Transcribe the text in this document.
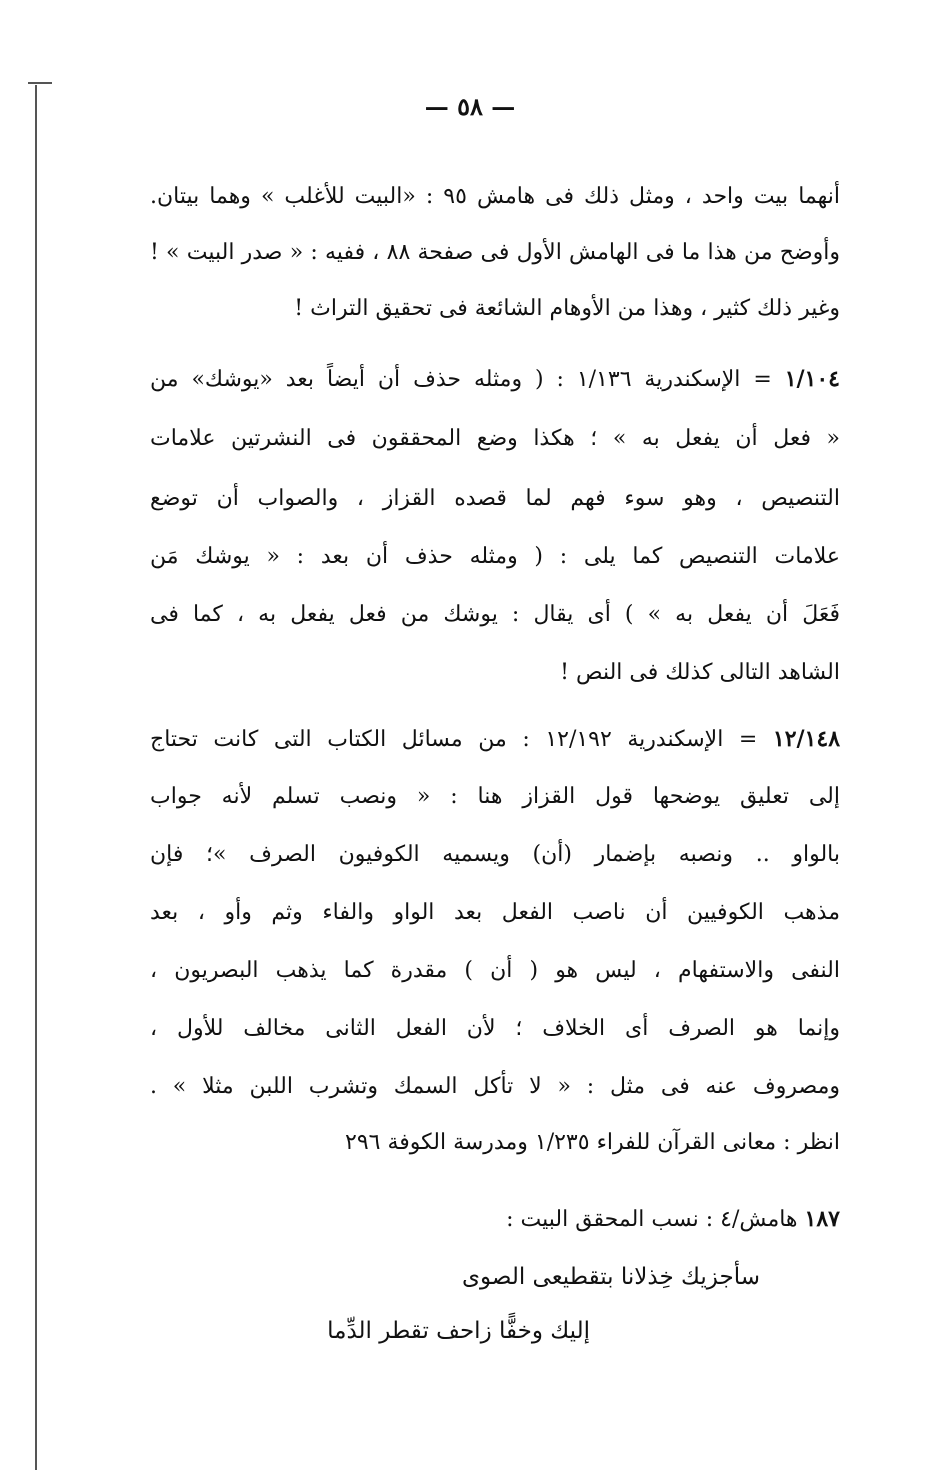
— ٥٨ —
أنهما بيت واحد ، ومثل ذلك فى هامش ٩٥ : «البيت للأغلب » وهما بيتان.
وأوضح من هذا ما فى الهامش الأول فى صفحة ٨٨ ، ففيه : « صدر البيت » !
وغير ذلك كثير ، وهذا من الأوهام الشائعة فى تحقيق التراث !
١/١٠٤ = الإسكندرية ١/١٣٦ : ( ومثله حذف أن أيضاً بعد «يوشك» من
« فعل أن يفعل به » ؛ هكذا وضع المحققون فى النشرتين علامات
التنصيص ، وهو سوء فهم لما قصده القزاز ، والصواب أن توضع
علامات التنصيص كما يلى : ( ومثله حذف أن بعد : « يوشك مَن
فَعَلَ أن يفعل به » ) أى يقال : يوشك من فعل يفعل به ، كما فى
الشاهد التالى كذلك فى النص !
١٢/١٤٨ = الإسكندرية ١٢/١٩٢ : من مسائل الكتاب التى كانت تحتاج
إلى تعليق يوضحها قول القزاز هنا : « ونصب تسلم لأنه جواب
بالواو .. ونصبه بإضمار (أن) ويسميه الكوفيون الصرف »؛ فإن
مذهب الكوفيين أن ناصب الفعل بعد الواو والفاء وثم وأو ، بعد
النفى والاستفهام ، ليس هو ( أن ) مقدرة كما يذهب البصريون ،
وإنما هو الصرف أى الخلاف ؛ لأن الفعل الثانى مخالف للأول ،
ومصروف عنه فى مثل : « لا تأكل السمك وتشرب اللبن مثلا » .
انظر : معانى القرآن للفراء ١/٢٣٥ ومدرسة الكوفة ٢٩٦
١٨٧ هامش/٤ : نسب المحقق البيت :
سأجزيك خِذلانا بتقطيعى الصوى
إليك وخفًّا زاحف تقطر الدِّما
